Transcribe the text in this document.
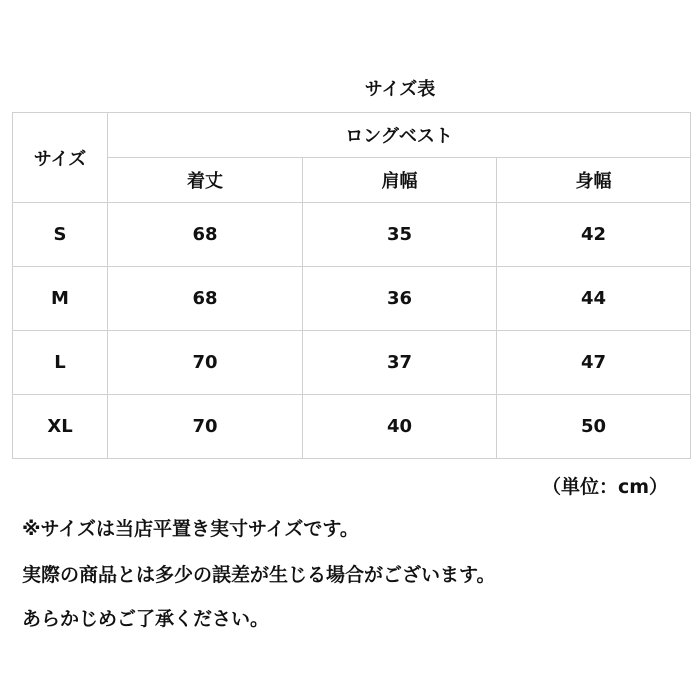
サイズ表
サイズ	ロングベスト		
	着丈	肩幅	身幅
S	68	35	42
M	68	36	44
L	70	37	47
XL	70	40	50
（単位：cm）
※サイズは当店平置き実寸サイズです。
実際の商品とは多少の誤差が生じる場合がございます。
あらかじめご了承ください。
